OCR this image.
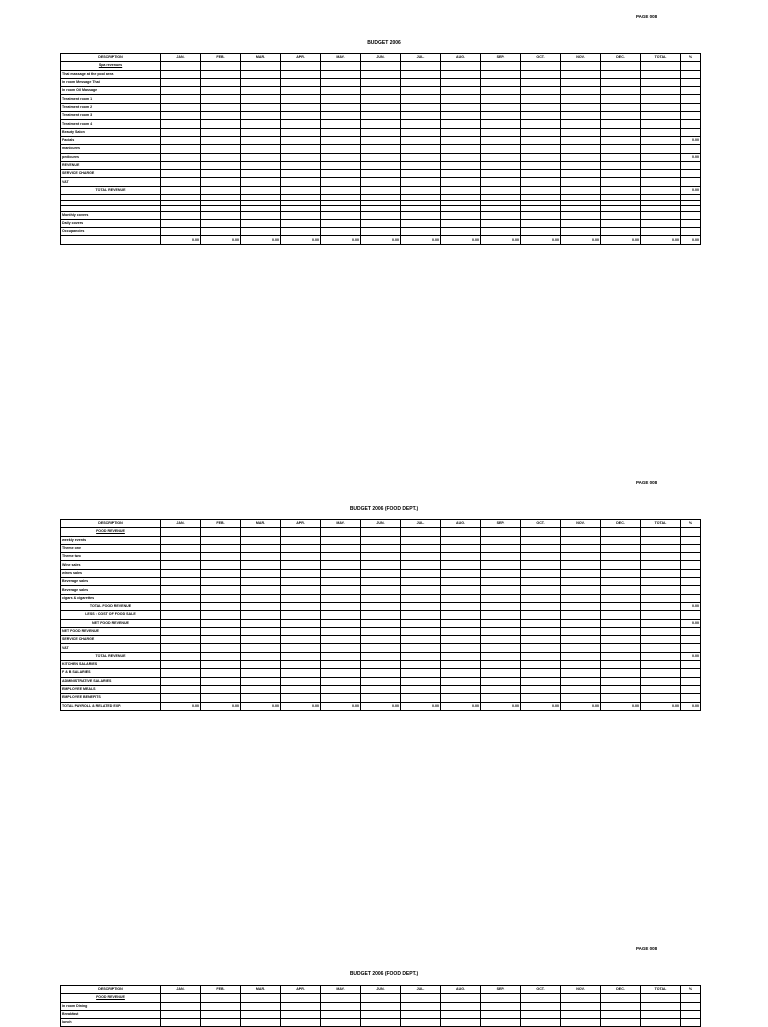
PAGE 008
BUDGET 2006
DESCRIPTION	JAN.	FEB.	MAR.	APR.	MAY.	JUN.	JUL.	AUG.	SEP.	OCT.	NOV.	DEC.	TOTAL	%
Spa revenues														
Thai massage at the pool area														
In room Message Thai														
In room Oil Massage														
Treatment room 1														
Treatment room 2														
Treatment room 3														
Treatment room 4														
Beauty Salon														
Facials														0.00
manicures														
pedicures														0.00
REVENUE														
SERVICE CHARGE														
VAT														
TOTAL REVENUE														0.00

Monthly covers														
Daily covers														
Occupancies														
	0.00	0.00	0.00	0.00	0.00	0.00	0.00	0.00	0.00	0.00	0.00	0.00	0.00	0.00
PAGE 008
BUDGET 2006 (FOOD DEPT.)
DESCRIPTION	JAN.	FEB.	MAR.	APR.	MAY.	JUN.	JUL.	AUG.	SEP.	OCT.	NOV.	DEC.	TOTAL	%
FOOD REVENUE														
weekly events														
Theme one														
Theme two														
Wine sales														
wines sales														
Beverage sales														
Beverage sales														
cigars & cigarettes														
TOTAL FOOD REVENUE														0.00
LESS : COST OF FOOD SALE														
NET FOOD REVENUE														0.00
NET FOOD REVENUE														
SERVICE CHARGE														
VAT														
TOTAL REVENUE														0.00
KITCHEN SALARIES														
F & B SALARIES														
ADMINISTRATIVE SALARIES														
EMPLOYEE MEALS														
EMPLOYEE BENEFITS														
TOTAL PAYROLL & RELATED EXP.	0.00	0.00	0.00	0.00	0.00	0.00	0.00	0.00	0.00	0.00	0.00	0.00	0.00	0.00
PAGE 008
BUDGET 2006 (FOOD DEPT.)
DESCRIPTION	JAN.	FEB.	MAR.	APR.	MAY.	JUN.	JUL.	AUG.	SEP.	OCT.	NOV.	DEC.	TOTAL	%
FOOD REVENUE														
In room Dining														
Breakfast														
lunch														
